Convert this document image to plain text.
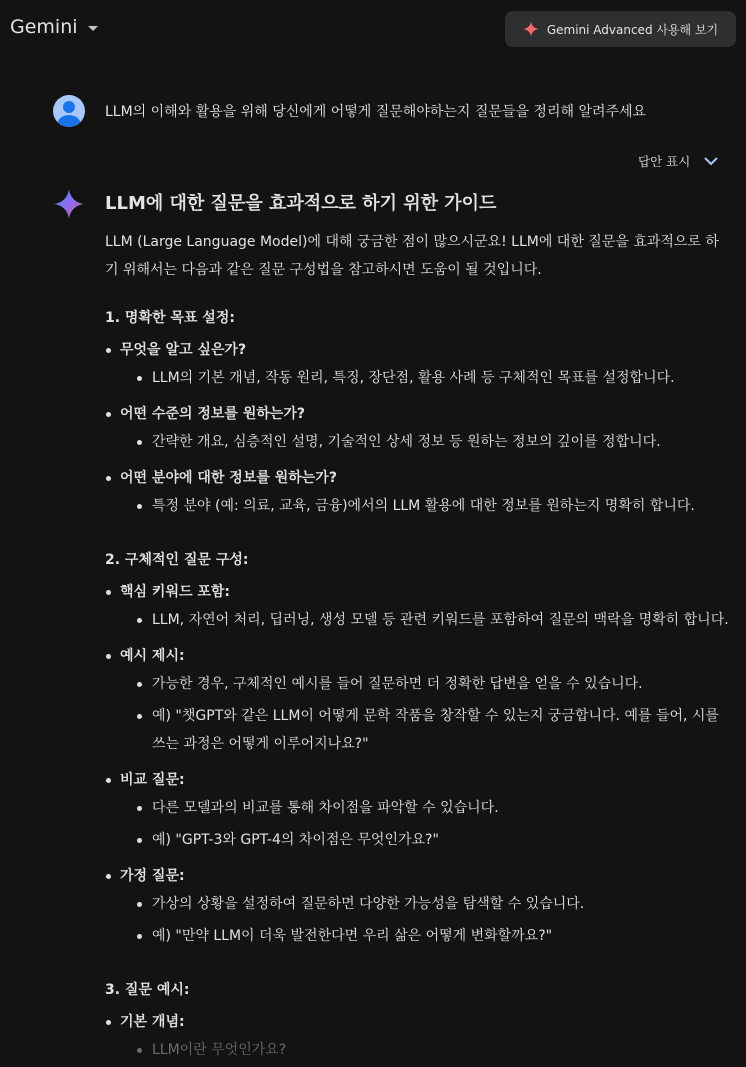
Gemini	Gemini Advanced 사용해 보기
LLM의 이해와 활용을 위해 당신에게 어떻게 질문해야하는지 질문들을 정리해 알려주세요
답안 표시
LLM에 대한 질문을 효과적으로 하기 위한 가이드

LLM (Large Language Model)에 대해 궁금한 점이 많으시군요! LLM에 대한 질문을 효과적으로 하기 위해서는 다음과 같은 질문 구성법을 참고하시면 도움이 될 것입니다.

1. 명확한 목표 설정:
무엇을 알고 싶은가?
LLM의 기본 개념, 작동 원리, 특징, 장단점, 활용 사례 등 구체적인 목표를 설정합니다.
어떤 수준의 정보를 원하는가?
간략한 개요, 심층적인 설명, 기술적인 상세 정보 등 원하는 정보의 깊이를 정합니다.
어떤 분야에 대한 정보를 원하는가?
특정 분야 (예: 의료, 교육, 금융)에서의 LLM 활용에 대한 정보를 원하는지 명확히 합니다.
2. 구체적인 질문 구성:
핵심 키워드 포함:
LLM, 자연어 처리, 딥러닝, 생성 모델 등 관련 키워드를 포함하여 질문의 맥락을 명확히 합니다.
예시 제시:
가능한 경우, 구체적인 예시를 들어 질문하면 더 정확한 답변을 얻을 수 있습니다.
예) "챗GPT와 같은 LLM이 어떻게 문학 작품을 창작할 수 있는지 궁금합니다. 예를 들어, 시를 쓰는 과정은 어떻게 이루어지나요?"
비교 질문:
다른 모델과의 비교를 통해 차이점을 파악할 수 있습니다.
예) "GPT-3와 GPT-4의 차이점은 무엇인가요?"
가정 질문:
가상의 상황을 설정하여 질문하면 다양한 가능성을 탐색할 수 있습니다.
예) "만약 LLM이 더욱 발전한다면 우리 삶은 어떻게 변화할까요?"
3. 질문 예시:
기본 개념:
LLM이란 무엇인가요?
